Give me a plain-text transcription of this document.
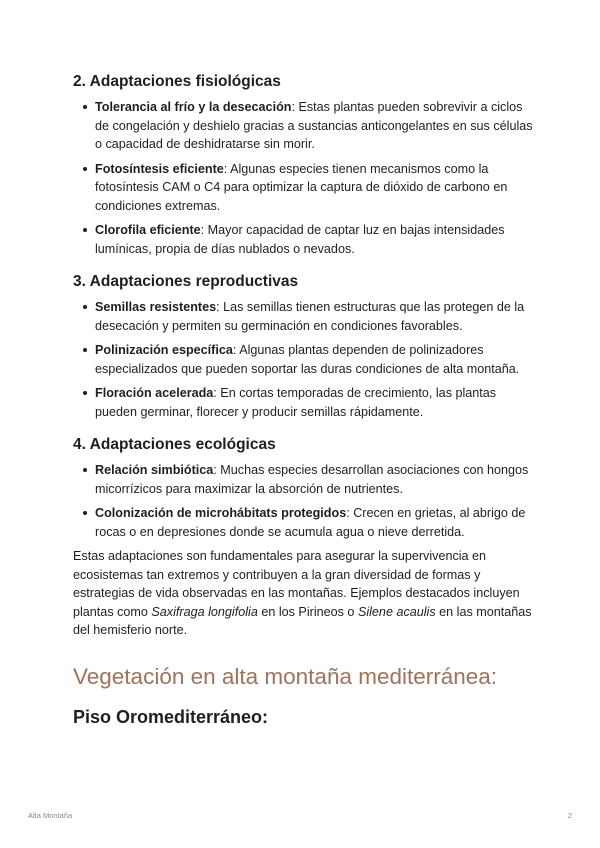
2. Adaptaciones fisiológicas
Tolerancia al frío y la desecación: Estas plantas pueden sobrevivir a ciclos de congelación y deshielo gracias a sustancias anticongelantes en sus células o capacidad de deshidratarse sin morir.
Fotosíntesis eficiente: Algunas especies tienen mecanismos como la fotosíntesis CAM o C4 para optimizar la captura de dióxido de carbono en condiciones extremas.
Clorofila eficiente: Mayor capacidad de captar luz en bajas intensidades lumínicas, propia de días nublados o nevados.
3. Adaptaciones reproductivas
Semillas resistentes: Las semillas tienen estructuras que las protegen de la desecación y permiten su germinación en condiciones favorables.
Polinización específica: Algunas plantas dependen de polinizadores especializados que pueden soportar las duras condiciones de alta montaña.
Floración acelerada: En cortas temporadas de crecimiento, las plantas pueden germinar, florecer y producir semillas rápidamente.
4. Adaptaciones ecológicas
Relación simbiótica: Muchas especies desarrollan asociaciones con hongos micorrízicos para maximizar la absorción de nutrientes.
Colonización de microhábitats protegidos: Crecen en grietas, al abrigo de rocas o en depresiones donde se acumula agua o nieve derretida.

Estas adaptaciones son fundamentales para asegurar la supervivencia en ecosistemas tan extremos y contribuyen a la gran diversidad de formas y estrategias de vida observadas en las montañas. Ejemplos destacados incluyen plantas como Saxifraga longifolia en los Pirineos o Silene acaulis en las montañas del hemisferio norte.

Vegetación en alta montaña mediterránea:
Piso Oromediterráneo:
Alta Montaña	2
